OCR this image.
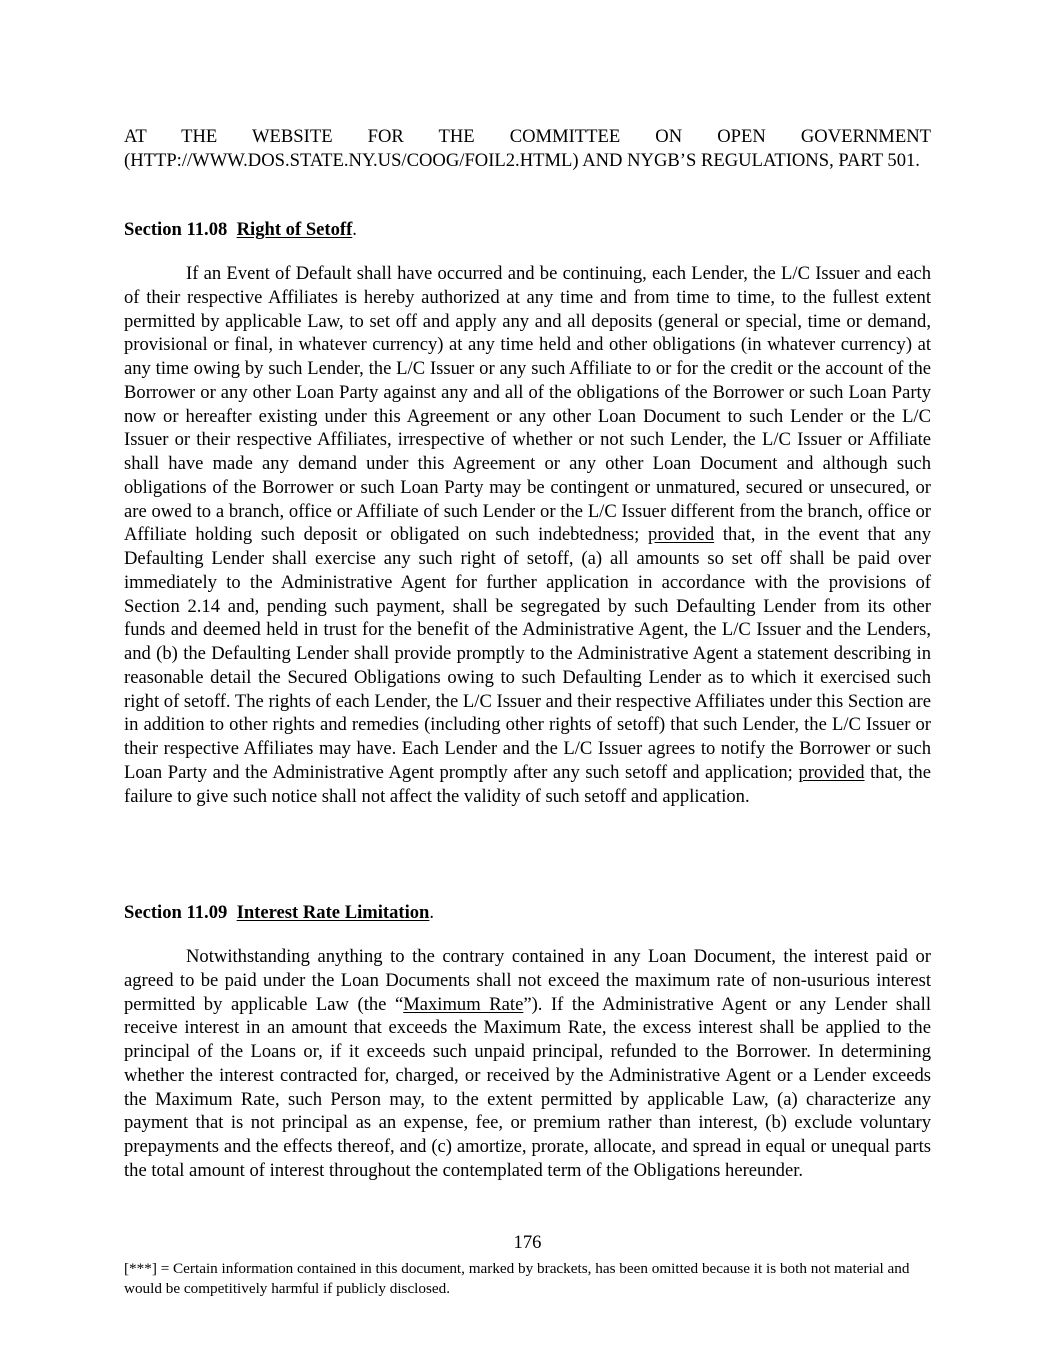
AT THE WEBSITE FOR THE COMMITTEE ON OPEN GOVERNMENT (HTTP://WWW.DOS.STATE.NY.US/COOG/FOIL2.HTML) AND NYGB’S REGULATIONS, PART 501.
Section 11.08 Right of Setoff.
If an Event of Default shall have occurred and be continuing, each Lender, the L/C Issuer and each of their respective Affiliates is hereby authorized at any time and from time to time, to the fullest extent permitted by applicable Law, to set off and apply any and all deposits (general or special, time or demand, provisional or final, in whatever currency) at any time held and other obligations (in whatever currency) at any time owing by such Lender, the L/C Issuer or any such Affiliate to or for the credit or the account of the Borrower or any other Loan Party against any and all of the obligations of the Borrower or such Loan Party now or hereafter existing under this Agreement or any other Loan Document to such Lender or the L/C Issuer or their respective Affiliates, irrespective of whether or not such Lender, the L/C Issuer or Affiliate shall have made any demand under this Agreement or any other Loan Document and although such obligations of the Borrower or such Loan Party may be contingent or unmatured, secured or unsecured, or are owed to a branch, office or Affiliate of such Lender or the L/C Issuer different from the branch, office or Affiliate holding such deposit or obligated on such indebtedness; provided that, in the event that any Defaulting Lender shall exercise any such right of setoff, (a) all amounts so set off shall be paid over immediately to the Administrative Agent for further application in accordance with the provisions of Section 2.14 and, pending such payment, shall be segregated by such Defaulting Lender from its other funds and deemed held in trust for the benefit of the Administrative Agent, the L/C Issuer and the Lenders, and (b) the Defaulting Lender shall provide promptly to the Administrative Agent a statement describing in reasonable detail the Secured Obligations owing to such Defaulting Lender as to which it exercised such right of setoff. The rights of each Lender, the L/C Issuer and their respective Affiliates under this Section are in addition to other rights and remedies (including other rights of setoff) that such Lender, the L/C Issuer or their respective Affiliates may have. Each Lender and the L/C Issuer agrees to notify the Borrower or such Loan Party and the Administrative Agent promptly after any such setoff and application; provided that, the failure to give such notice shall not affect the validity of such setoff and application.
Section 11.09 Interest Rate Limitation.
Notwithstanding anything to the contrary contained in any Loan Document, the interest paid or agreed to be paid under the Loan Documents shall not exceed the maximum rate of non-usurious interest permitted by applicable Law (the “Maximum Rate”). If the Administrative Agent or any Lender shall receive interest in an amount that exceeds the Maximum Rate, the excess interest shall be applied to the principal of the Loans or, if it exceeds such unpaid principal, refunded to the Borrower. In determining whether the interest contracted for, charged, or received by the Administrative Agent or a Lender exceeds the Maximum Rate, such Person may, to the extent permitted by applicable Law, (a) characterize any payment that is not principal as an expense, fee, or premium rather than interest, (b) exclude voluntary prepayments and the effects thereof, and (c) amortize, prorate, allocate, and spread in equal or unequal parts the total amount of interest throughout the contemplated term of the Obligations hereunder.
176
[***] = Certain information contained in this document, marked by brackets, has been omitted because it is both not material and would be competitively harmful if publicly disclosed.
